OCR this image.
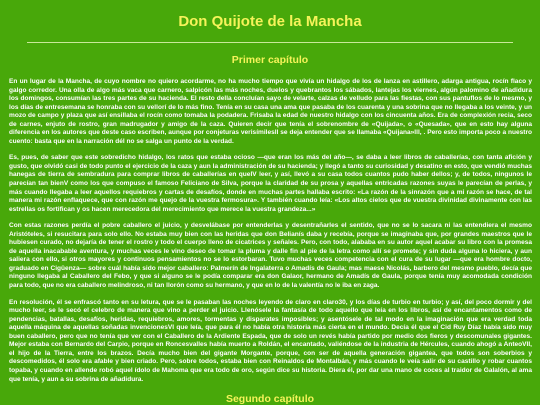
Don Quijote de la Mancha
Primer capítulo

En un lugar de la Mancha, de cuyo nombre no quiero acordarme, no ha mucho tiempo que vivía un hidalgo de los de lanza en astillero, adarga antigua, rocín flaco y galgo corredor. Una olla de algo más vaca que carnero, salpicón las más noches, duelos y quebrantos los sábados, lantejas los viernes, algún palomino de añadidura los domingos, consumían las tres partes de su hacienda. El resto della concluían sayo de velarte, calzas de velludo para las fiestas, con sus pantuflos de lo mesmo, y los días de entresemana se honraba con su vellorí de lo más fino. Tenía en su casa una ama que pasaba de los cuarenta y una sobrina que no llegaba a los veinte, y un mozo de campo y plaza que así ensillaba el rocín como tomaba la podadera. Frisaba la edad de nuestro hidalgo con los cincuenta años. Era de complexión recia, seco de carnes, enjuto de rostro, gran madrugador y amigo de la caza. Quieren decir que tenía el sobrenombre de «Quijada», o «Quesada», que en esto hay alguna diferencia en los autores que deste caso escriben, aunque por conjeturas verisímilesll se deja entender que se llamaba «Quijana»lll, . Pero esto importa poco a nuestro cuento: basta que en la narración dél no se salga un punto de la verdad.

Es, pues, de saber que este sobredicho hidalgo, los ratos que estaba ocioso —que eran los más del año—, se daba a leer libros de caballerías, con tanta afición y gusto, que olvidó casi de todo punto el ejercicio de la caza y aun la administración de su hacienda; y llegó a tanto su curiosidad y desatino en esto, que vendió muchas hanegas de tierra de sembradura para comprar libros de caballerías en queIV leer, y así, llevó a su casa todos cuantos pudo haber dellos; y, de todos, ningunos le parecían tan bienV como los que compuso el famoso Feliciano de Silva, porque la claridad de su prosa y aquellas entricadas razones suyas le parecían de perlas, y más cuando llegaba a leer aquellos requiebros y cartas de desafíos, donde en muchas partes hallaba escrito: «La razón de la sinrazón que a mi razón se hace, de tal manera mi razón enflaquece, que con razón me quejo de la vuestra fermosura». Y también cuando leía: «Los altos cielos que de vuestra divinidad divinamente con las estrellas os fortifican y os hacen merecedora del merecimiento que merece la vuestra grandeza...»

Con estas razones perdía el pobre caballero el juicio, y desvelábase por entenderlas y desentrañarles el sentido, que no se lo sacara ni las entendiera el mesmo Aristóteles, si resucitara para solo ello. No estaba muy bien con las heridas que don Belianís daba y recebía, porque se imaginaba que, por grandes maestros que le hubiesen curado, no dejaría de tener el rostro y todo el cuerpo lleno de cicatrices y señales. Pero, con todo, alababa en su autor aquel acabar su libro con la promesa de aquella inacabable aventura, y muchas veces le vino deseo de tomar la pluma y dalle fin al pie de la letra como allí se promete; y sin duda alguna lo hiciera, y aun saliera con ello, si otros mayores y continuos pensamientos no se lo estorbaran. Tuvo muchas veces competencia con el cura de su lugar —que era hombre docto, graduado en Cigüenza— sobre cuál había sido mejor caballero: Palmerín de Ingalaterra o Amadís de Gaula; mas maese Nicolás, barbero del mesmo pueblo, decía que ninguno llegaba al Caballero del Febo, y que si alguno se le podía comparar era don Galaor, hermano de Amadís de Gaula, porque tenía muy acomodada condición para todo, que no era caballero melindroso, ni tan llorón como su hermano, y que en lo de la valentía no le iba en zaga.

En resolución, él se enfrascó tanto en su letura, que se le pasaban las noches leyendo de claro en claro30, y los días de turbio en turbio; y así, del poco dormir y del mucho leer, se le secó el celebro de manera que vino a perder el juicio. Llenósele la fantasía de todo aquello que leía en los libros, así de encantamentos como de pendencias, batallas, desafíos, heridas, requiebros, amores, tormentas y disparates imposibles; y asentósele de tal modo en la imaginación que era verdad toda aquella máquina de aquellas soñadas invencionesVI que leía, que para él no había otra historia más cierta en el mundo. Decía él que el Cid Ruy Díaz había sido muy buen caballero, pero que no tenía que ver con el Caballero de la Ardiente Espada, que de solo un revés había partido por medio dos fieros y descomunales gigantes. Mejor estaba con Bernardo del Carpio, porque en Roncesvalles había muerto a Roldán, el encantado, valiéndose de la industria de Hércules, cuando ahogó a AnteoVII, el hijo de la Tierra, entre los brazos. Decía mucho bien del gigante Morgante, porque, con ser de aquella generación gigantea, que todos son soberbios y descomedidos, él solo era afable y bien criado. Pero, sobre todos, estaba bien con Reinaldos de Montalbán, y más cuando le veía salir de su castillo y robar cuantos topaba, y cuando en allende robó aquel ídolo de Mahoma que era todo de oro, según dice su historia. Diera él, por dar una mano de coces al traidor de Galalón, al ama que tenía, y aun a su sobrina de añadidura.

Segundo capítulo
